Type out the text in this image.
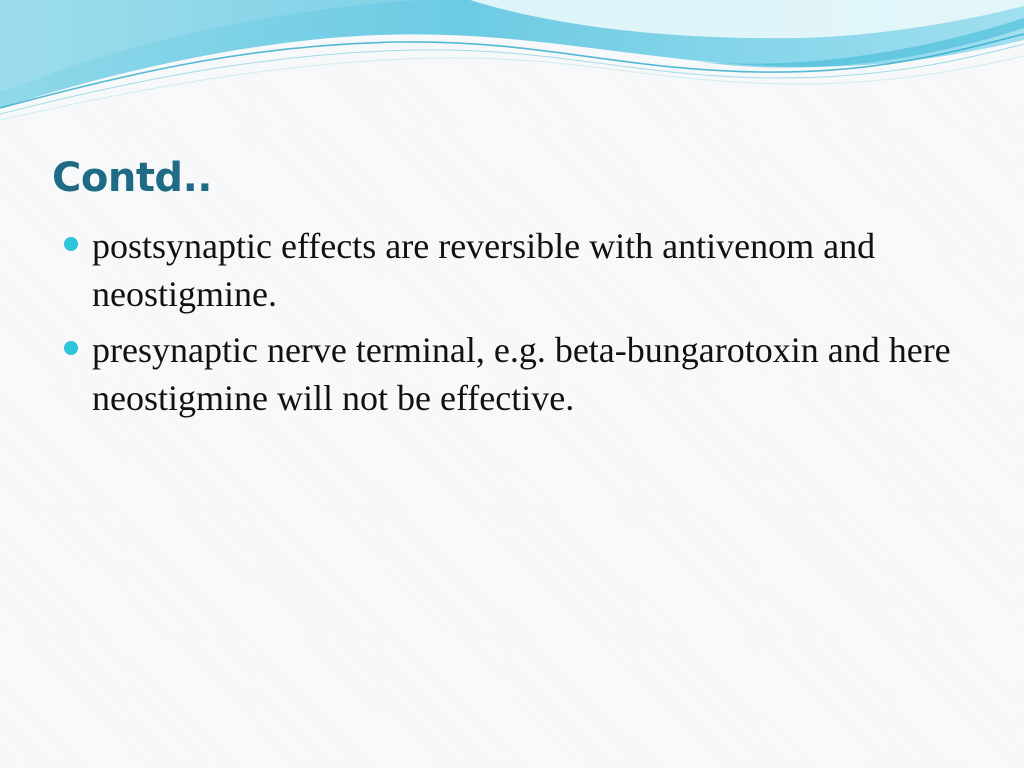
Contd..
postsynaptic effects are reversible with antivenom and neostigmine.
presynaptic nerve terminal, e.g. beta-bungarotoxin and here neostigmine will not be effective.
